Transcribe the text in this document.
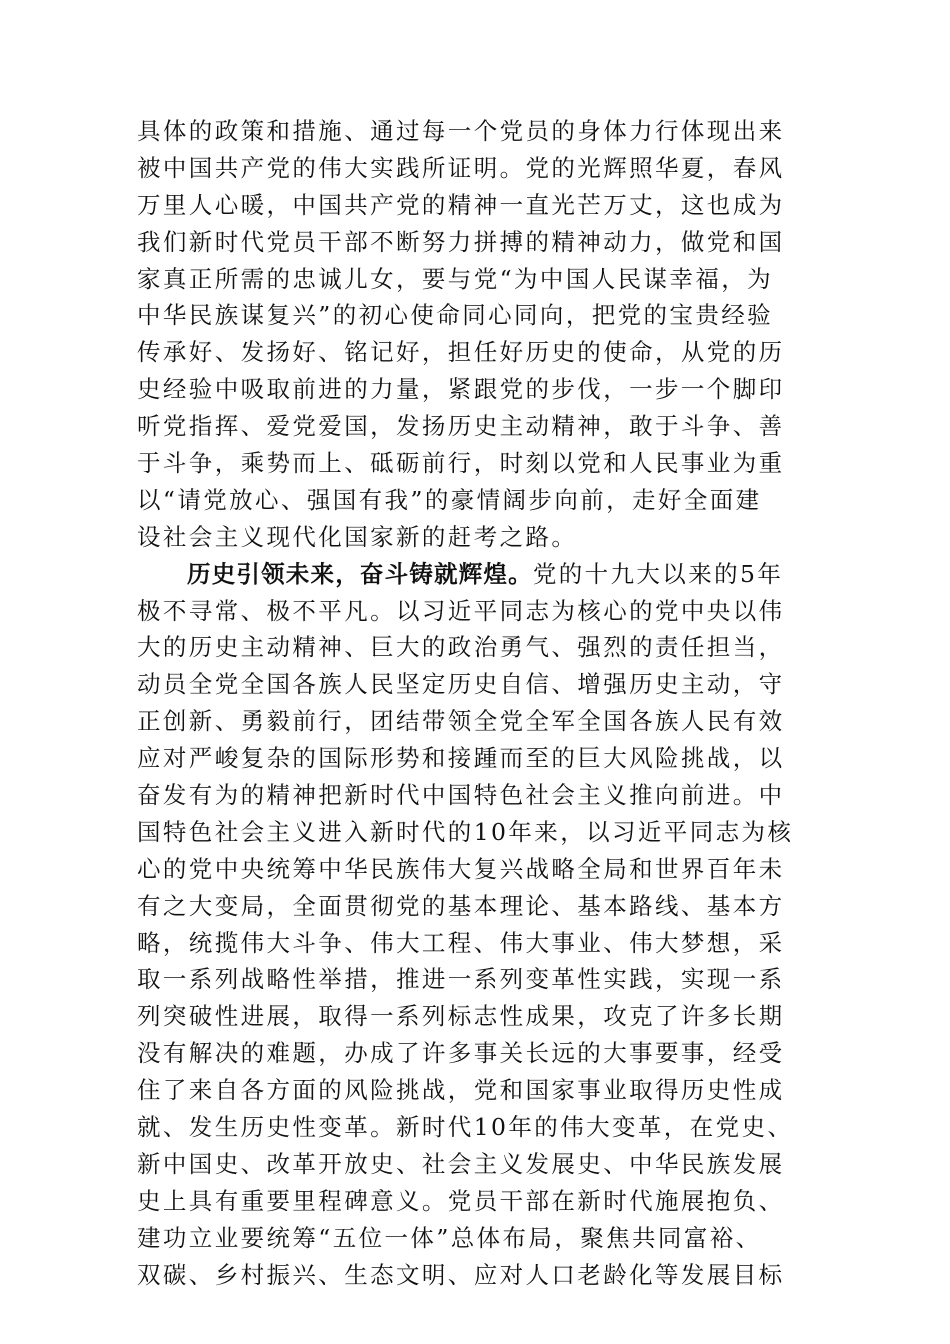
具体的政策和措施、通过每一个党员的身体力行体现出来
被中国共产党的伟大实践所证明。党的光辉照华夏，春风
万里人心暖，中国共产党的精神一直光芒万丈，这也成为
我们新时代党员干部不断努力拼搏的精神动力，做党和国
家真正所需的忠诚儿女，要与党“为中国人民谋幸福，为
中华民族谋复兴”的初心使命同心同向，把党的宝贵经验
传承好、发扬好、铭记好，担任好历史的使命，从党的历
史经验中吸取前进的力量，紧跟党的步伐，一步一个脚印
听党指挥、爱党爱国，发扬历史主动精神，敢于斗争、善
于斗争，乘势而上、砥砺前行，时刻以党和人民事业为重
以“请党放心、强国有我”的豪情阔步向前，走好全面建
设社会主义现代化国家新的赶考之路。
历史引领未来，奋斗铸就辉煌。党的十九大以来的5年
极不寻常、极不平凡。以习近平同志为核心的党中央以伟
大的历史主动精神、巨大的政治勇气、强烈的责任担当，
动员全党全国各族人民坚定历史自信、增强历史主动，守
正创新、勇毅前行，团结带领全党全军全国各族人民有效
应对严峻复杂的国际形势和接踵而至的巨大风险挑战，以
奋发有为的精神把新时代中国特色社会主义推向前进。中
国特色社会主义进入新时代的10年来，以习近平同志为核
心的党中央统筹中华民族伟大复兴战略全局和世界百年未
有之大变局，全面贯彻党的基本理论、基本路线、基本方
略，统揽伟大斗争、伟大工程、伟大事业、伟大梦想，采
取一系列战略性举措，推进一系列变革性实践，实现一系
列突破性进展，取得一系列标志性成果，攻克了许多长期
没有解决的难题，办成了许多事关长远的大事要事，经受
住了来自各方面的风险挑战，党和国家事业取得历史性成
就、发生历史性变革。新时代10年的伟大变革，在党史、
新中国史、改革开放史、社会主义发展史、中华民族发展
史上具有重要里程碑意义。党员干部在新时代施展抱负、
建功立业要统筹“五位一体”总体布局，聚焦共同富裕、
双碳、乡村振兴、生态文明、应对人口老龄化等发展目标
